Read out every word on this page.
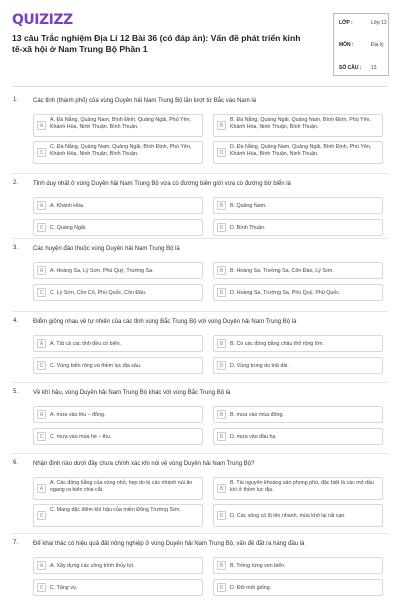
QUIZIZZ
13 câu Trắc nghiệm Địa Lí 12 Bài 36 (có đáp án): Vấn đề phát triển kinh tế-xã hội ở Nam Trung Bộ Phần 1
LỚP :	Lớp 12
MÔN :	Địa lý
SỐ CÂU : 13
1. Các tỉnh (thành phố) của vùng Duyên hải Nam Trung Bộ lần lượt từ Bắc vào Nam là
A
A. Đà Nẵng, Quảng Nam, Bình Định, Quảng Ngãi, Phú Yên, Khánh Hòa, Ninh Thuận, Bình Thuận.	B
B. Đà Nẵng, Quảng Ngãi, Quảng Nam, Bình Định, Phú Yên, Khánh Hòa, Ninh Thuận, Bình Thuận.
C
C. Đà Nẵng, Quảng Nam, Quảng Ngãi, Bình Định, Phú Yên, Khánh Hòa, Ninh Thuận, Bình Thuận.	D
D. Đà Nẵng, Quảng Nam, Quảng Ngãi, Bình Định, Phú Yên, Khánh Hòa, Bình Thuận, Ninh Thuận.
2. Tỉnh duy nhất ở vùng Duyên hải Nam Trung Bộ vừa có đường biên giới vừa có đường bờ biển là
A	A. Khánh Hòa.	B	B. Quảng Nam.
C	C. Quảng Ngãi.	D	D. Bình Thuận.
3. Các huyện đảo thuộc vùng Duyên hải Nam Trung Bộ là
A	A. Hoàng Sa, Lý Sơn, Phú Quý, Trường Sa.	B	B. Hoàng Sa, Trường Sa, Côn Đảo, Lý Sơn.
C	C. Lý Sơn, Cồn Cỏ, Phú Quốc, Côn Đảo.	D	D. Hoàng Sa, Trường Sa, Phú Quý, Phú Quốc.
4. Điểm giống nhau về tự nhiên của các tỉnh vùng Bắc Trung Bộ với vùng Duyên hải Nam Trung Bộ là
A	A. Tất cả các tỉnh đều có biển.	B	B. Có các đồng bằng châu thổ rộng lớn.
C	C. Vùng biển rộng và thềm lục địa sâu.	D	D. Vùng trung du trải dài.
5. Về khí hậu, vùng Duyên hải Nam Trung Bộ khác với vùng Bắc Trung Bộ là
A	A. mưa vào thu – đông.	B	B. mưa vào mùa đông.
C	C. mưa vào mùa hè – thu.	D	D. mưa vào đầu hạ.
6. Nhận định nào dưới đây chưa chính xác khi nói về vùng Duyên hải Nam Trung Bộ?
A
A. Các đồng bằng của vùng nhỏ, hẹp do bị các nhánh núi ăn ngang ra biển chia cắt.	B
B. Tài nguyên khoáng sản phong phú, đặc biệt là các mỏ dầu khí ở thềm lục địa.
C
C. Mang đặc điểm khí hậu của miền Đông Trường Sơn.
D	D. Các sông có lũ lên nhanh, mùa khô lại rất cạn.
7. Để khai thác có hiệu quả đất nông nghiệp ở vùng Duyên hải Nam Trung Bộ, vấn đề đặt ra hàng đầu là
A	A. Xây dựng các công trình thủy lợi.	B	B. Trồng rừng ven biển.
C	C. Tăng vụ.	D	D. Đổi mới giống.
